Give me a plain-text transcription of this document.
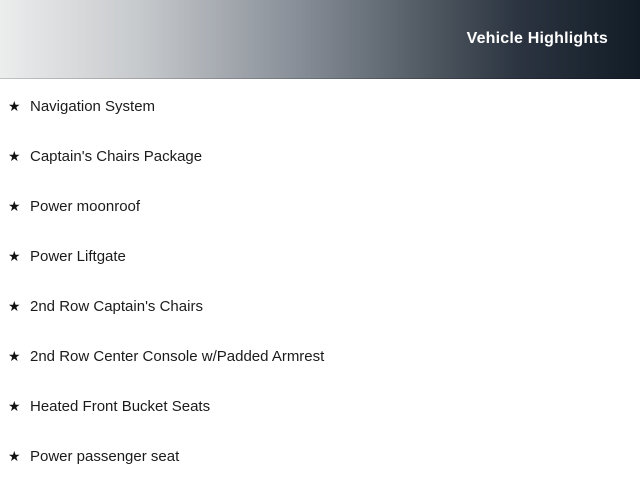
Vehicle Highlights
★ Navigation System
★ Captain's Chairs Package
★ Power moonroof
★ Power Liftgate
★ 2nd Row Captain's Chairs
★ 2nd Row Center Console w/Padded Armrest
★ Heated Front Bucket Seats
★ Power passenger seat
